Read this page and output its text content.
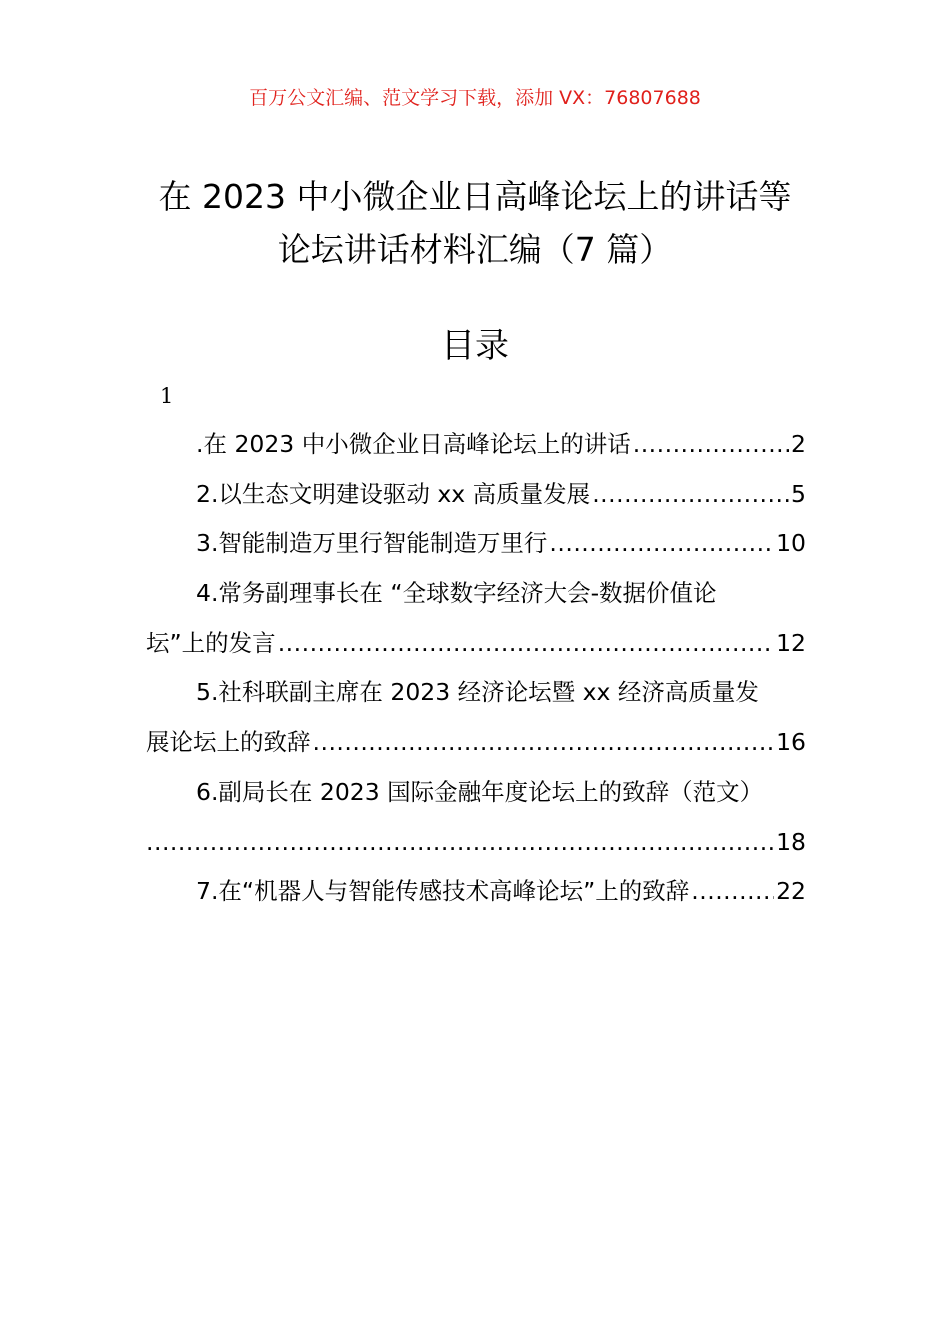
百万公文汇编、范文学习下载，添加 VX：76807688
在 2023 中小微企业日高峰论坛上的讲话等
论坛讲话材料汇编（7 篇）
目录
1
.在 2023 中小微企业日高峰论坛上的讲话 .....	2
2.以生态文明建设驱动 xx 高质量发展 .....	5
3.智能制造万里行智能制造万里行 .....	10
4.常务副理事长在 “全球数字经济大会-数据价值论
坛”上的发言 .....	12
5.社科联副主席在 2023 经济论坛暨 xx 经济高质量发
展论坛上的致辞 .....	16
6.副局长在 2023 国际金融年度论坛上的致辞（范文）
.....
18
7.在“机器人与智能传感技术高峰论坛”上的致辞 .....	22
